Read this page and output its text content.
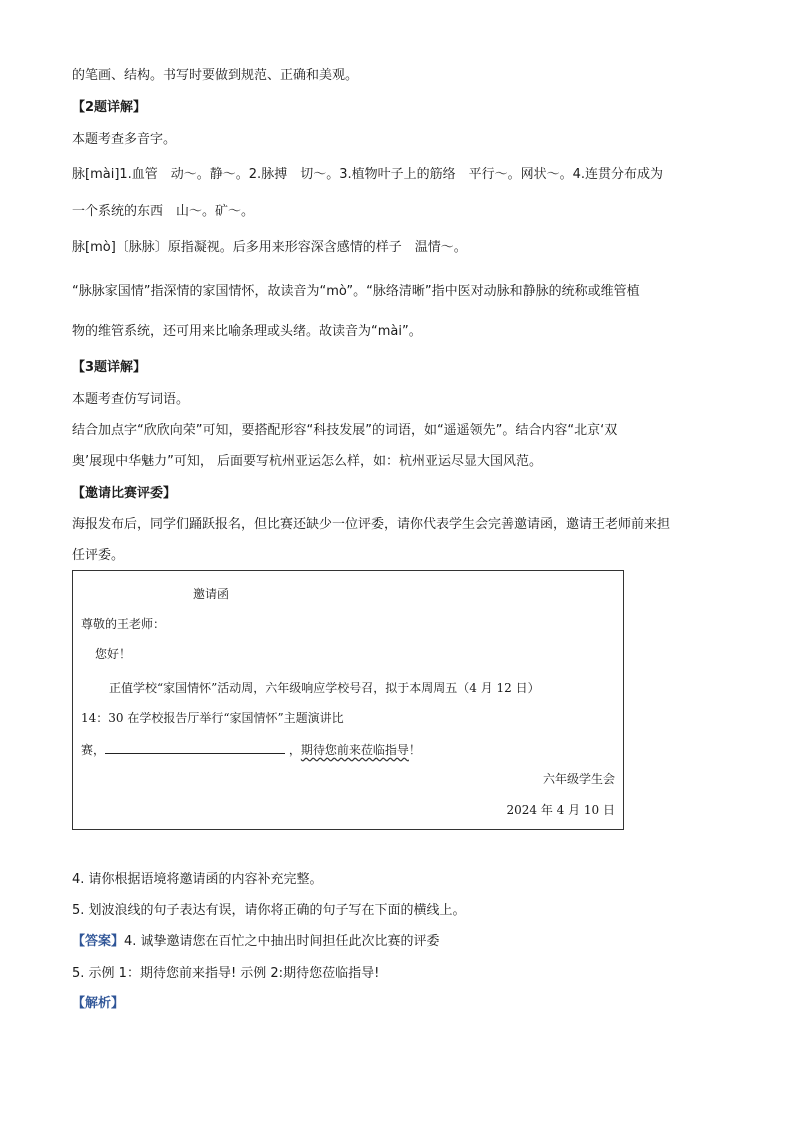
的笔画、结构。书写时要做到规范、正确和美观。
【2题详解】
本题考查多音字。
脉[mài]1.血管　动～。静～。2.脉搏　切～。3.植物叶子上的筋络　平行～。网状～。4.连贯分布成为
一个系统的东西　山～。矿～。
脉[mò]〔脉脉〕原指凝视。后多用来形容深含感情的样子　温情～。
“脉脉家国情”指深情的家国情怀，故读音为“mò”。“脉络清晰”指中医对动脉和静脉的统称或维管植
物的维管系统，还可用来比喻条理或头绪。故读音为“mài”。
【3题详解】
本题考查仿写词语。
结合加点字“欣欣向荣”可知，要搭配形容“科技发展”的词语，如“遥遥领先”。结合内容“北京‘双
奥’展现中华魅力”可知， 后面要写杭州亚运怎么样，如：杭州亚运尽显大国风范。
【邀请比赛评委】
海报发布后，同学们踊跃报名，但比赛还缺少一位评委，请你代表学生会完善邀请函，邀请王老师前来担
任评委。
邀请函
尊敬的王老师：
您好！
正值学校“家国情怀”活动周，六年级响应学校号召，拟于本周周五（4 月 12 日）
14：30 在学校报告厅举行“家国情怀”主题演讲比
赛，	，期待您前来莅临指导！
六年级学生会
2024 年 4 月 10 日
4. 请你根据语境将邀请函的内容补充完整。
5. 划波浪线的句子表达有误，请你将正确的句子写在下面的横线上。
【答案】4. 诚挚邀请您在百忙之中抽出时间担任此次比赛的评委
5. 示例 1：期待您前来指导! 示例 2:期待您莅临指导!
【解析】
